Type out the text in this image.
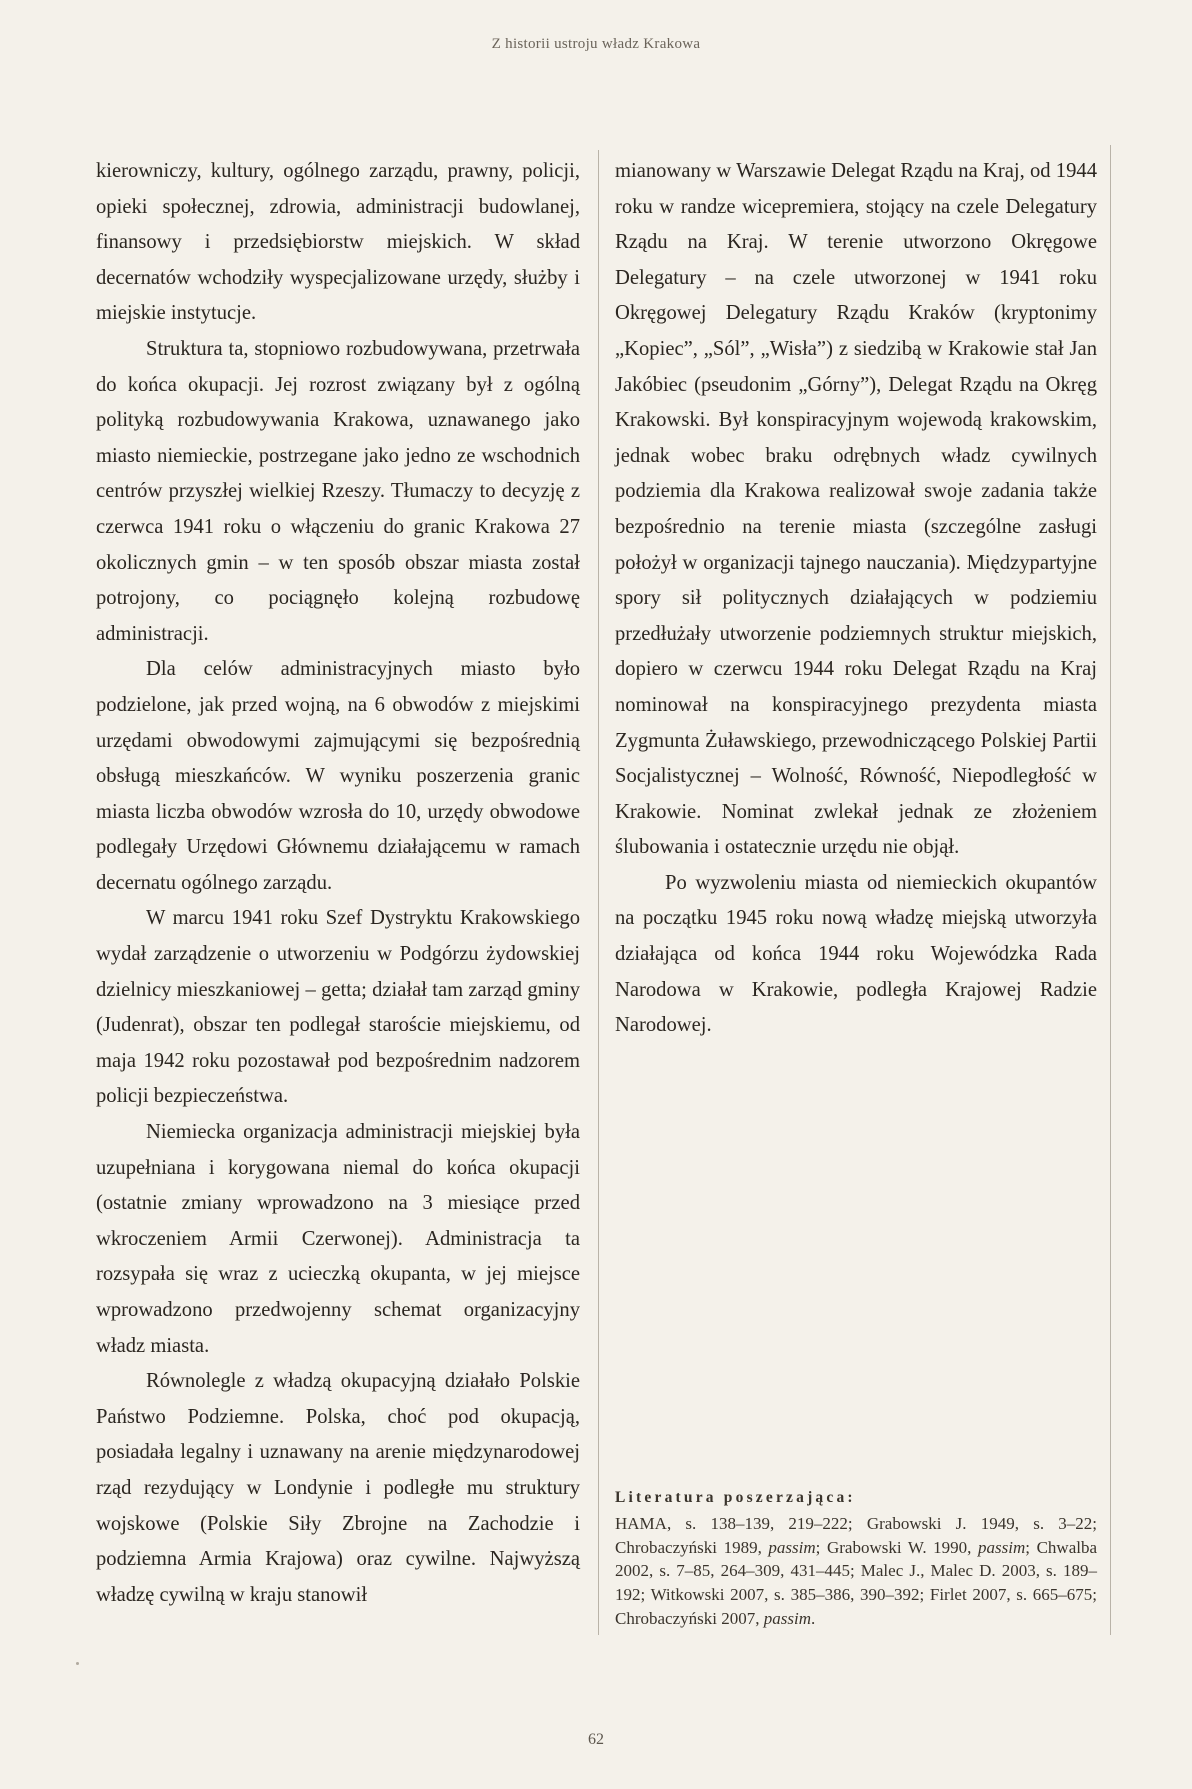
Z historii ustroju władz Krakowa

kierowniczy, kultury, ogólnego zarządu, prawny, policji, opieki społecznej, zdrowia, administracji budowlanej, finansowy i przedsiębiorstw miejskich. W skład decernatów wchodziły wyspecjalizowane urzędy, służby i miejskie instytucje.

Struktura ta, stopniowo rozbudowywana, przetrwała do końca okupacji. Jej rozrost związany był z ogólną polityką rozbudowywania Krakowa, uznawanego jako miasto niemieckie, postrzegane jako jedno ze wschodnich centrów przyszłej wielkiej Rzeszy. Tłumaczy to decyzję z czerwca 1941 roku o włączeniu do granic Krakowa 27 okolicznych gmin – w ten sposób obszar miasta został potrojony, co pociągnęło kolejną rozbudowę administracji.

Dla celów administracyjnych miasto było podzielone, jak przed wojną, na 6 obwodów z miejskimi urzędami obwodowymi zajmującymi się bezpośrednią obsługą mieszkańców. W wyniku poszerzenia granic miasta liczba obwodów wzrosła do 10, urzędy obwodowe podlegały Urzędowi Głównemu działającemu w ramach decernatu ogólnego zarządu.

W marcu 1941 roku Szef Dystryktu Krakowskiego wydał zarządzenie o utworzeniu w Podgórzu żydowskiej dzielnicy mieszkaniowej – getta; działał tam zarząd gminy (Judenrat), obszar ten podlegał staroście miejskiemu, od maja 1942 roku pozostawał pod bezpośrednim nadzorem policji bezpieczeństwa.

Niemiecka organizacja administracji miejskiej była uzupełniana i korygowana niemal do końca okupacji (ostatnie zmiany wprowadzono na 3 miesiące przed wkroczeniem Armii Czerwonej). Administracja ta rozsypała się wraz z ucieczką okupanta, w jej miejsce wprowadzono przedwojenny schemat organizacyjny władz miasta.

Równolegle z władzą okupacyjną działało Polskie Państwo Podziemne. Polska, choć pod okupacją, posiadała legalny i uznawany na arenie międzynarodowej rząd rezydujący w Londynie i podległe mu struktury wojskowe (Polskie Siły Zbrojne na Zachodzie i podziemna Armia Krajowa) oraz cywilne. Najwyższą władzę cywilną w kraju stanowił

mianowany w Warszawie Delegat Rządu na Kraj, od 1944 roku w randze wicepremiera, stojący na czele Delegatury Rządu na Kraj. W terenie utworzono Okręgowe Delegatury – na czele utworzonej w 1941 roku Okręgowej Delegatury Rządu Kraków (kryptonimy „Kopiec”, „Sól”, „Wisła”) z siedzibą w Krakowie stał Jan Jakóbiec (pseudonim „Górny”), Delegat Rządu na Okręg Krakowski. Był konspiracyjnym wojewodą krakowskim, jednak wobec braku odrębnych władz cywilnych podziemia dla Krakowa realizował swoje zadania także bezpośrednio na terenie miasta (szczególne zasługi położył w organizacji tajnego nauczania). Międzypartyjne spory sił politycznych działających w podziemiu przedłużały utworzenie podziemnych struktur miejskich, dopiero w czerwcu 1944 roku Delegat Rządu na Kraj nominował na konspiracyjnego prezydenta miasta Zygmunta Żuławskiego, przewodniczącego Polskiej Partii Socjalistycznej – Wolność, Równość, Niepodległość w Krakowie. Nominat zwlekał jednak ze złożeniem ślubowania i ostatecznie urzędu nie objął.

Po wyzwoleniu miasta od niemieckich okupantów na początku 1945 roku nową władzę miejską utworzyła działająca od końca 1944 roku Wojewódzka Rada Narodowa w Krakowie, podległa Krajowej Radzie Narodowej.

Literatura poszerzająca:
HAMA, s. 138–139, 219–222; Grabowski J. 1949, s. 3–22; Chrobaczyński 1989, passim; Grabowski W. 1990, passim; Chwalba 2002, s. 7–85, 264–309, 431–445; Malec J., Malec D. 2003, s. 189–192; Witkowski 2007, s. 385–386, 390–392; Firlet 2007, s. 665–675; Chrobaczyński 2007, passim.
62
